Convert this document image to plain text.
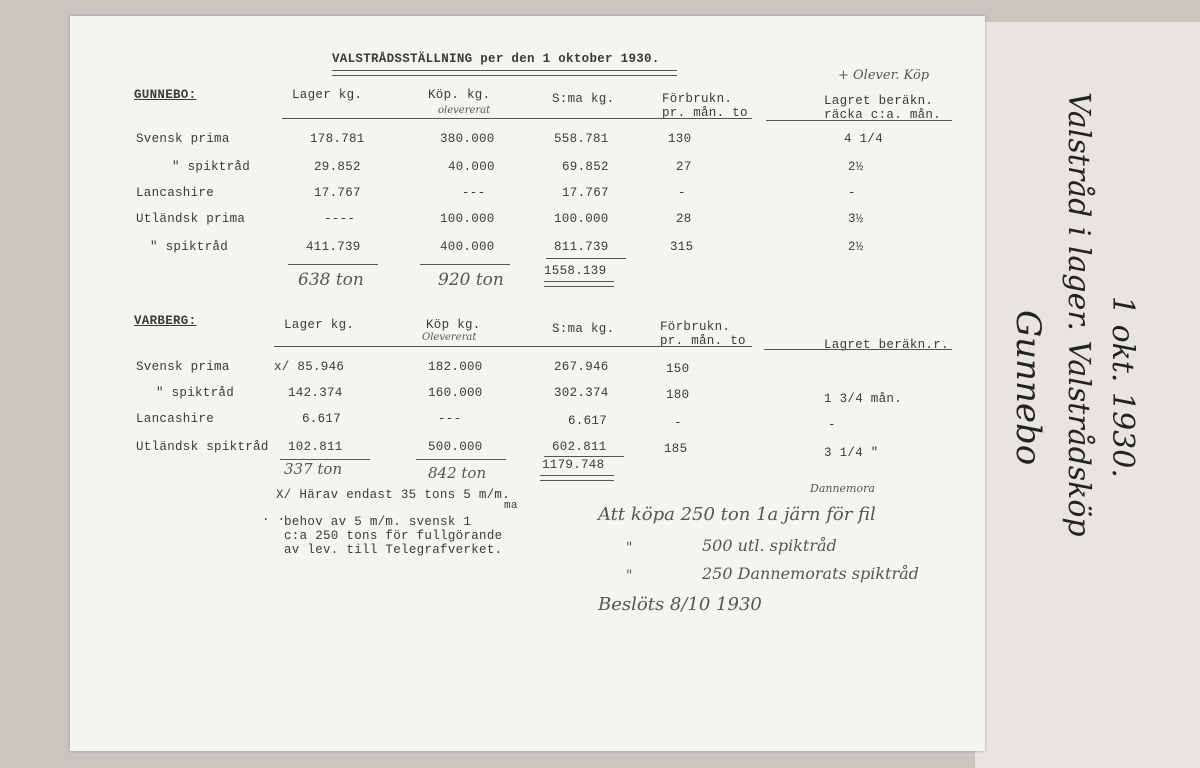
VALSTRÅDSSTÄLLNING per den 1 oktober 1930.
GUNNEBO:	Lager kg.	Köp. kg.
olevererat
S:ma kg.	Förbrukn.
pr. mån. to
+ Olever. Köp
Lagret beräkn.
räcka c:a. mån.
Svensk prima	178.781	380.000	558.781	130	4 1/4
" spiktråd	29.852	40.000	69.852	27	2½
Lancashire	17.767	---	17.767	-	-
Utländsk prima	----	100.000	100.000	28	3½
" spiktråd	411.739	400.000	811.739	315	2½
1558.139
638 ton	920 ton
VARBERG:	Lager kg.	Köp kg.
Olevererat
S:ma kg.	Förbrukn.
pr. mån. to	Lagret beräkn.r.
Svensk prima	x/ 85.946	182.000	267.946	150
" spiktråd	142.374	160.000	302.374	180	1 3/4 mån.
Lancashire	6.617	---	6.617	-	-
Utländsk spiktråd 102.811	500.000	602.811	185	3 1/4 "
1179.748
337 ton	842 ton
X/ Härav endast 35 tons 5 m/m.
ma
. .
behov av 5 m/m. svensk 1
c:a 250 tons för fullgörande
av lev. till Telegrafverket.
Dannemora
Att köpa 250 ton 1a järn för fil
"	500 utl. spiktråd
"	250 Dannemorats spiktråd
Beslöts 8/10 1930
Gunnebo Valstråd i lager. Valstrådsköp 1 okt. 1930.
